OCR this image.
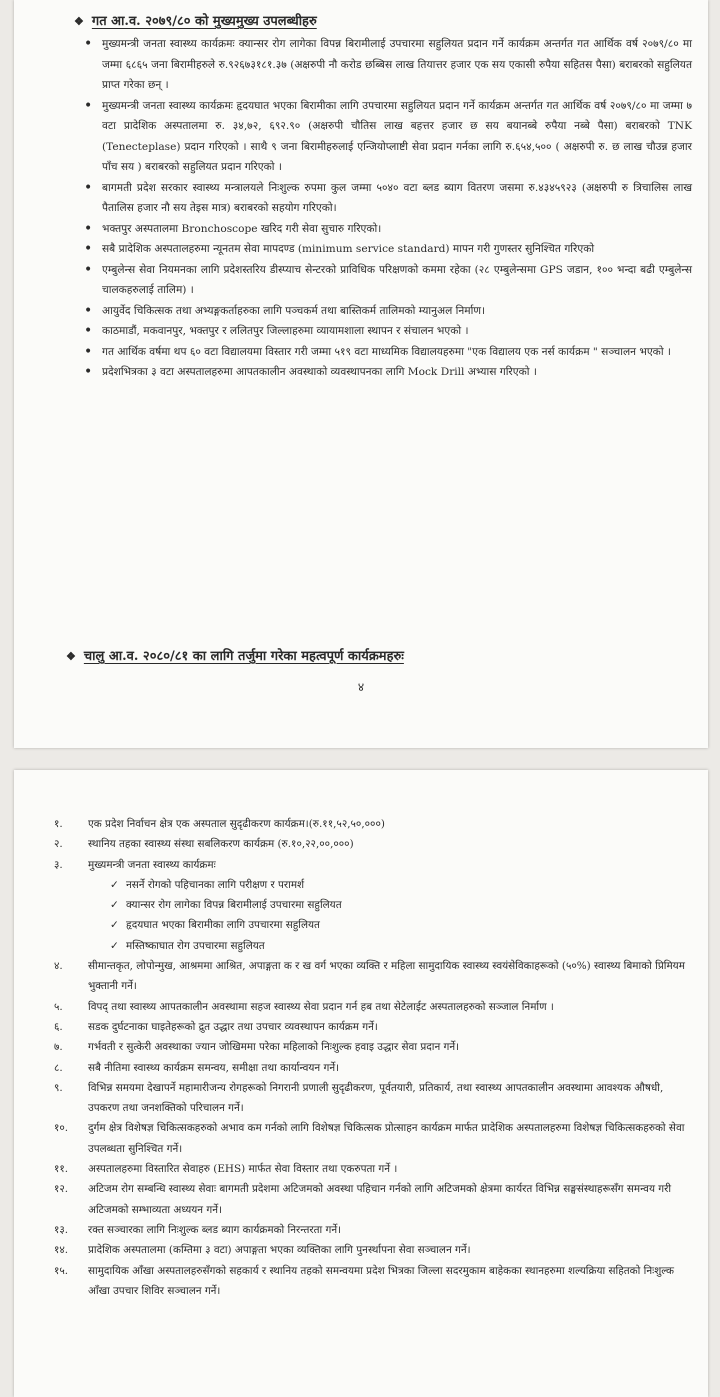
❖ गत आ.व. २०७९/८० को मुख्यमुख्य उपलब्धीहरु
• मुख्यमन्त्री जनता स्वास्थ्य कार्यक्रमः क्यान्सर रोग लागेका विपन्न बिरामीलाई उपचारमा सहुलियत प्रदान गर्ने कार्यक्रम अन्तर्गत गत आर्थिक वर्ष २०७९/८० मा जम्मा ६८६५ जना बिरामीहरुले रु.९२६७३१८१.३७ (अक्षरुपी नौ करोड छब्बिस लाख तियात्तर हजार एक सय एकासी रुपैया सहितस पैसा) बराबरको सहुलियत प्राप्त गरेका छन् ।
• मुख्यमन्त्री जनता स्वास्थ्य कार्यक्रमः हृदयघात भएका बिरामीका लागि उपचारमा सहुलियत प्रदान गर्ने कार्यक्रम अन्तर्गत गत आर्थिक वर्ष २०७९/८० मा जम्मा ७ वटा प्रादेशिक अस्पतालमा रु. ३४,७२, ६९२.९० (अक्षरुपी चौतिस लाख बहत्तर हजार छ सय बयानब्बे रुपैया नब्बे पैसा) बराबरको TNK (Tenecteplase) प्रदान गरिएको । साथै ९ जना बिरामीहरुलाई एन्जियोप्लाष्टी सेवा प्रदान गर्नका लागि रु.६५४,५०० ( अक्षरुपी रु. छ लाख चौउन्न हजार पाँच सय ) बराबरको सहुलियत प्रदान गरिएको ।
• बागमती प्रदेश सरकार स्वास्थ्य मन्त्रालयले निःशुल्क रुपमा कुल जम्मा ५०४० वटा ब्लड ब्याग वितरण जसमा रु.४३४५९२३ (अक्षरुपी रु त्रिचालिस लाख पैतालिस हजार नौ सय तेइस मात्र) बराबरको सहयोग गरिएको।
• भक्तपुर अस्पतालमा Bronchoscope खरिद गरी सेवा सुचारु गरिएको।
• सबै प्रादेशिक अस्पतालहरुमा न्यूनतम सेवा मापदण्ड (minimum service standard) मापन गरी गुणस्तर सुनिश्चित गरिएको
• एम्बुलेन्स सेवा नियमनका लागि प्रदेशस्तरिय डीस्प्याच सेन्टरको प्राविधिक परिक्षणको कममा रहेका (२८ एम्बुलेन्समा GPS जडान, १०० भन्दा बढी एम्बुलेन्स चालकहरुलाई तालिम) ।
• आयुर्वेद चिकित्सक तथा अभ्यङ्गकर्ताहरुका लागि पञ्चकर्म तथा बास्तिकर्म तालिमको म्यानुअल निर्माण।
• काठमाडौं, मकवानपुर, भक्तपुर र ललितपुर जिल्लाहरुमा व्यायामशाला स्थापन र संचालन भएको ।
• गत आर्थिक वर्षमा थप ६० वटा विद्यालयमा विस्तार गरी जम्मा ५१९ वटा माध्यमिक विद्यालयहरुमा "एक विद्यालय एक नर्स कार्यक्रम " सञ्चालन भएको ।
• प्रदेशभित्रका ३ वटा अस्पतालहरुमा आपतकालीन अवस्थाको व्यवस्थापनका लागि Mock Drill अभ्यास गरिएको ।
❖ चालु आ.व. २०८०/८१ का लागि तर्जुमा गरेका महत्वपूर्ण कार्यक्रमहरुः
४
१. एक प्रदेश निर्वाचन क्षेत्र एक अस्पताल सुदृढीकरण कार्यक्रम।(रु.११,५२,५०,०००)
२. स्थानिय तहका स्वास्थ्य संस्था सबलिकरण कार्यक्रम (रु.१०,२२,००,०००)
३. मुख्यमन्त्री जनता स्वास्थ्य कार्यक्रमः
✓ नसर्ने रोगको पहिचानका लागि परीक्षण र परामर्श
✓ क्यान्सर रोग लागेका विपन्न बिरामीलाई उपचारमा सहुलियत
✓ हृदयघात भएका बिरामीका लागि उपचारमा सहुलियत
✓ मस्तिष्काघात रोग उपचारमा सहुलियत
४. सीमान्तकृत, लोपोन्मुख, आश्रममा आश्रित, अपाङ्गता क र ख वर्ग भएका व्यक्ति र महिला सामुदायिक स्वास्थ्य स्वयंसेविकाहरूको (५०%) स्वास्थ्य बिमाको प्रिमियम भुक्तानी गर्ने।
५. विपद् तथा स्वास्थ्य आपतकालीन अवस्थामा सहज स्वास्थ्य सेवा प्रदान गर्न हब तथा सेटेलाईट अस्पतालहरुको सञ्जाल निर्माण ।
६. सडक दुर्घटनाका घाइतेहरूको द्रुत उद्धार तथा उपचार व्यवस्थापन कार्यक्रम गर्ने।
७. गर्भवती र सुत्केरी अवस्थाका ज्यान जोखिममा परेका महिलाको निःशुल्क हवाइ उद्धार सेवा प्रदान गर्ने।
८. सबै नीतिमा स्वास्थ्य कार्यक्रम समन्वय, समीक्षा तथा कार्यान्वयन गर्ने।
९. विभिन्न समयमा देखापर्ने महामारीजन्य रोगहरूको निगरानी प्रणाली सुदृढीकरण, पूर्वतयारी, प्रतिकार्य, तथा स्वास्थ्य आपतकालीन अवस्थामा आवश्यक औषधी, उपकरण तथा जनशक्तिको परिचालन गर्ने।
१०. दुर्गम क्षेत्र विशेषज्ञ चिकित्सकहरुको अभाव कम गर्नको लागि विशेषज्ञ चिकित्सक प्रोत्साहन कार्यक्रम मार्फत प्रादेशिक अस्पतालहरुमा विशेषज्ञ चिकित्सकहरुको सेवा उपलब्धता सुनिश्चित गर्ने।
११. अस्पतालहरुमा विस्तारित सेवाहरु (EHS) मार्फत सेवा विस्तार तथा एकरुपता गर्ने ।
१२. अटिजम रोग सम्बन्धि स्वास्थ्य सेवाः बागमती प्रदेशमा अटिजमको अवस्था पहिचान गर्नको लागि अटिजमको क्षेत्रमा कार्यरत विभिन्न सङ्घसंस्थाहरूसँग समन्वय गरी अटिजमको सम्भाव्यता अध्ययन गर्ने।
१३. रक्त सञ्चारका लागि निःशुल्क ब्लड ब्याग कार्यक्रमको निरन्तरता गर्ने।
१४. प्रादेशिक अस्पतालमा (कम्तिमा ३ वटा) अपाङ्गता भएका व्यक्तिका लागि पुनर्स्थापना सेवा सञ्चालन गर्ने।
१५. सामुदायिक आँखा अस्पतालहरुसँगको सहकार्य र स्थानिय तहको समन्वयमा प्रदेश भित्रका जिल्ला सदरमुकाम बाहेकका स्थानहरुमा शल्यक्रिया सहितको निःशुल्क आँखा उपचार शिविर सञ्चालन गर्ने।
